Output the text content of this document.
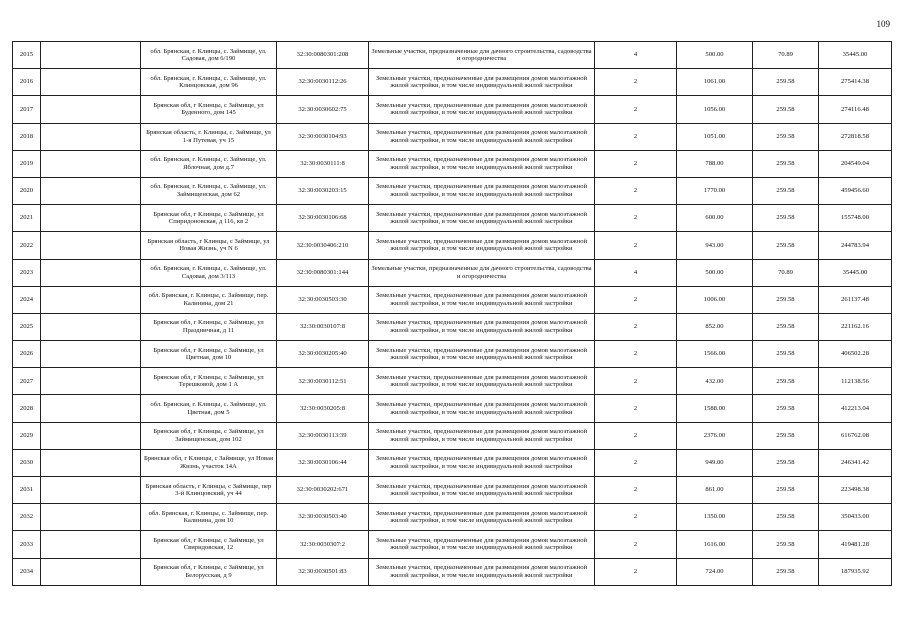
109
2015		обл. Брянская, г. Клинцы, с. Займище, ул. Садовая, дом 6/190	32:30:0080301:208	Земельные участки, предназначенные для дачного строительства, садоводства и огородничества	4	500.00	70.89	35445.00
2016		обл. Брянская, г. Клинцы, с. Займище, ул. Клинцовская, дом 96	32:30:0030112:26	Земельные участки, предназначенные для размещения домов малоэтажной жилой застройки, в том числе индивидуальной жилой застройки	2	1061.00	259.58	275414.38
2017		Брянская обл, г Клинцы, с Займище, ул Буденного, дом 145	32:30:0030602:75	Земельные участки, предназначенные для размещения домов малоэтажной жилой застройки, в том числе индивидуальной жилой застройки	2	1056.00	259.58	274116.48
2018		Брянская область, г. Клинцы, с. Займище, ул 1-я Путевая, уч 15	32:30:0030104:93	Земельные участки, предназначенные для размещения домов малоэтажной жилой застройки, в том числе индивидуальной жилой застройки	2	1051.00	259.58	272818.58
2019		обл. Брянская, г. Клинцы, с. Займище, ул. Яблочная, дом д.7	32:30:0030111:8	Земельные участки, предназначенные для размещения домов малоэтажной жилой застройки, в том числе индивидуальной жилой застройки	2	788.00	259.58	204549.04
2020		обл. Брянская, г. Клинцы, с. Займище, ул. Займищенская, дом 62	32:30:0030203:15	Земельные участки, предназначенные для размещения домов малоэтажной жилой застройки, в том числе индивидуальной жилой застройки	2	1770.00	259.58	459456.60
2021		Брянская обл, г Клинцы, с Займище, ул Спиридоновская, д 116, кв 2	32:30:0030106:68	Земельные участки, предназначенные для размещения домов малоэтажной жилой застройки, в том числе индивидуальной жилой застройки	2	600.00	259.58	155748.00
2022		Брянская область, г Клинцы, с Займище, ул Новая Жизнь, уч N 6	32:30:0030406:210	Земельные участки, предназначенные для размещения домов малоэтажной жилой застройки, в том числе индивидуальной жилой застройки	2	943.00	259.58	244783.94
2023		обл. Брянская, г. Клинцы, с. Займище, ул. Садовая, дом 3/113	32:30:0080301:144	Земельные участки, предназначенные для дачного строительства, садоводства и огородничества	4	500.00	70.89	35445.00
2024		обл. Брянская, г. Клинцы, с. Займище, пер. Калинина, дом 21	32:30:0030503:30	Земельные участки, предназначенные для размещения домов малоэтажной жилой застройки, в том числе индивидуальной жилой застройки	2	1006.00	259.58	261137.48
2025		Брянская обл, г Клинцы, с Займище, ул Праздничная, д 11	32:30:0030107:8	Земельные участки, предназначенные для размещения домов малоэтажной жилой застройки, в том числе индивидуальной жилой застройки	2	852.00	259.58	221162.16
2026		Брянская обл, г Клинцы, с Займище, ул Цветная, дом 10	32:30:0030205:40	Земельные участки, предназначенные для размещения домов малоэтажной жилой застройки, в том числе индивидуальной жилой застройки	2	1566.00	259.58	406502.28
2027		Брянская обл, г Клинцы, с Займище, ул Терешковой, дом 1 А	32:30:0030112:51	Земельные участки, предназначенные для размещения домов малоэтажной жилой застройки, в том числе индивидуальной жилой застройки	2	432.00	259.58	112138.56
2028		обл. Брянская, г. Клинцы, с. Займище, ул. Цветная, дом 5	32:30:0030205:8	Земельные участки, предназначенные для размещения домов малоэтажной жилой застройки, в том числе индивидуальной жилой застройки	2	1588.00	259.58	412213.04
2029		Брянская обл, г Клинцы, с Займище, ул Займищенская, дом 102	32:30:0030113:39	Земельные участки, предназначенные для размещения домов малоэтажной жилой застройки, в том числе индивидуальной жилой застройки	2	2376.00	259.58	616762.08
2030		Брянская обл, г Клинцы, с Займище, ул Новая Жизнь, участок 14А	32:30:0030106:44	Земельные участки, предназначенные для размещения домов малоэтажной жилой застройки, в том числе индивидуальной жилой застройки	2	949.00	259.58	246341.42
2031		Брянская область, г Клинцы, с Займище, пер 3-й Клинцовский, уч 44	32:30:0030202:671	Земельные участки, предназначенные для размещения домов малоэтажной жилой застройки, в том числе индивидуальной жилой застройки	2	861.00	259.58	223498.38
2032		обл. Брянская, г. Клинцы, с. Займище, пер. Калинина, дом 10	32:30:0030503:40	Земельные участки, предназначенные для размещения домов малоэтажной жилой застройки, в том числе индивидуальной жилой застройки	2	1350.00	259.58	350433.00
2033		Брянская обл, г Клинцы, с Займище, ул Свиридовская, 12	32:30:0030307:2	Земельные участки, предназначенные для размещения домов малоэтажной жилой застройки, в том числе индивидуальной жилой застройки	2	1616.00	259.58	419481.28
2034		Брянская обл, г Клинцы, с Займище, ул Белорусская, д 9	32:30:0030501:83	Земельные участки, предназначенные для размещения домов малоэтажной жилой застройки, в том числе индивидуальной жилой застройки	2	724.00	259.58	187935.92
